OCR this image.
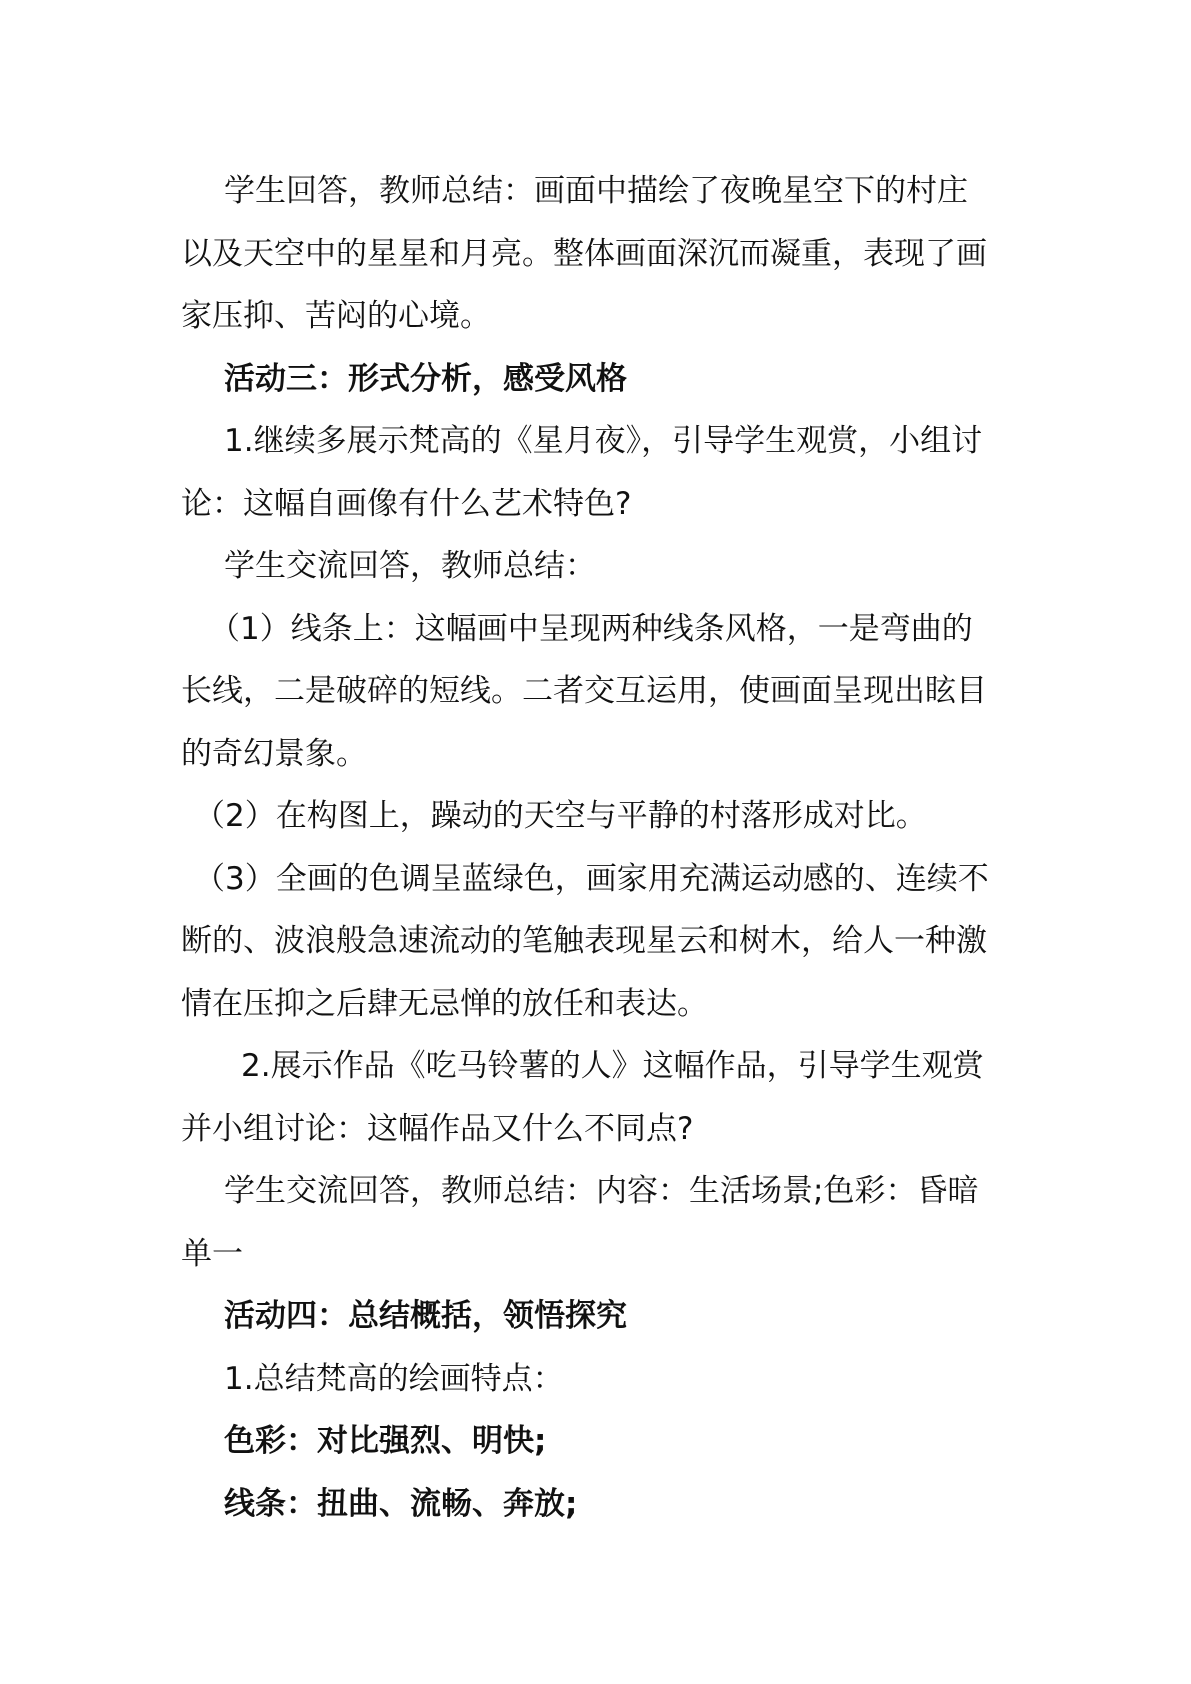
学生回答，教师总结：画面中描绘了夜晚星空下的村庄
以及天空中的星星和月亮。整体画面深沉而凝重，表现了画
家压抑、苦闷的心境。

活动三：形式分析，感受风格

1.继续多展示梵高的《星月夜》，引导学生观赏，小组讨
论：这幅自画像有什么艺术特色?

学生交流回答，教师总结：

（1）线条上：这幅画中呈现两种线条风格，一是弯曲的
长线，二是破碎的短线。二者交互运用，使画面呈现出眩目
的奇幻景象。

（2）在构图上，躁动的天空与平静的村落形成对比。

（3）全画的色调呈蓝绿色，画家用充满运动感的、连续不
断的、波浪般急速流动的笔触表现星云和树木，给人一种激
情在压抑之后肆无忌惮的放任和表达。

2.展示作品《吃马铃薯的人》这幅作品，引导学生观赏
并小组讨论：这幅作品又什么不同点?

学生交流回答，教师总结：内容：生活场景;色彩：昏暗
单一

活动四：总结概括，领悟探究

1.总结梵高的绘画特点：

色彩：对比强烈、明快;

线条：扭曲、流畅、奔放;
